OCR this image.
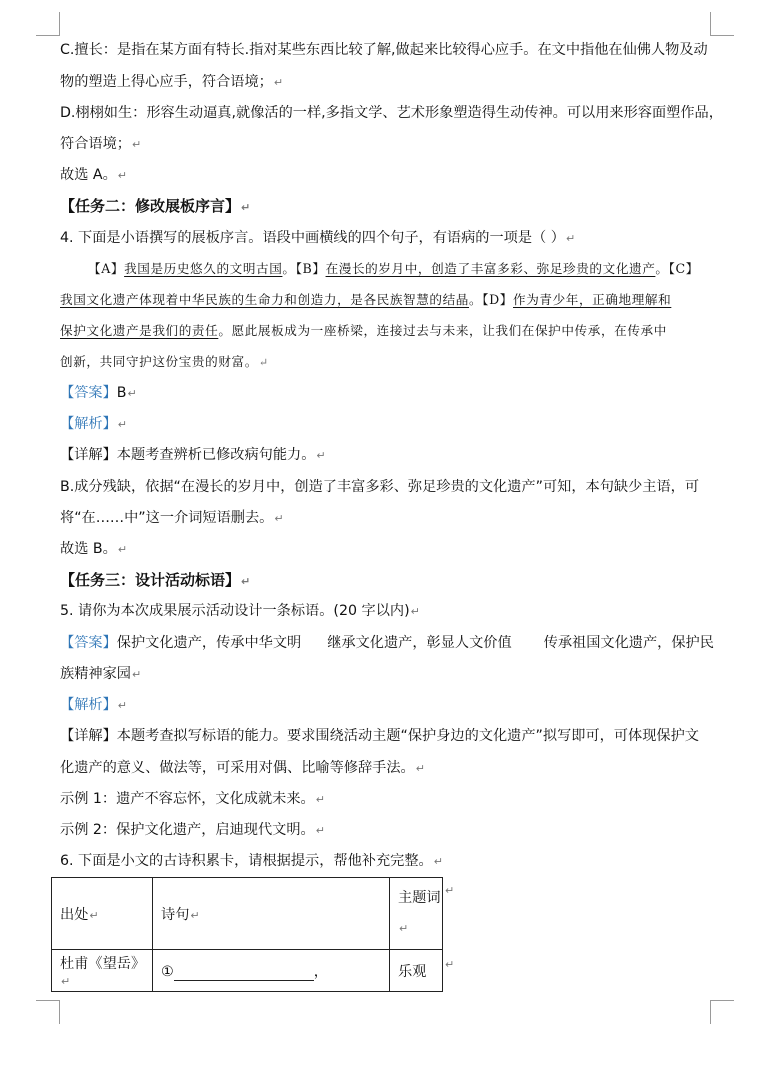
C.擅长：是指在某方面有特长.指对某些东西比较了解,做起来比较得心应手。在文中指他在仙佛人物及动
物的塑造上得心应手，符合语境；↵
D.栩栩如生：形容生动逼真,就像活的一样,多指文学、艺术形象塑造得生动传神。可以用来形容面塑作品，
符合语境；↵
故选 A。↵
【任务二：修改展板序言】↵
4. 下面是小语撰写的展板序言。语段中画横线的四个句子，有语病的一项是（ ）↵
【A】我国是历史悠久的文明古国。【B】在漫长的岁月中，创造了丰富多彩、弥足珍贵的文化遗产。【C】
我国文化遗产体现着中华民族的生命力和创造力，是各民族智慧的结晶。【D】作为青少年，正确地理解和
保护文化遗产是我们的责任。愿此展板成为一座桥梁，连接过去与未来，让我们在保护中传承，在传承中
创新，共同守护这份宝贵的财富。↵
【答案】B↵
【解析】↵
【详解】本题考查辨析已修改病句能力。↵
B.成分残缺，依据“在漫长的岁月中，创造了丰富多彩、弥足珍贵的文化遗产”可知，本句缺少主语，可
将“在……中”这一介词短语删去。↵
故选 B。↵
【任务三：设计活动标语】↵
5. 请你为本次成果展示活动设计一条标语。(20 字以内)↵
【答案】保护文化遗产，传承中华文明 继承文化遗产，彰显人文价值 传承祖国文化遗产，保护民
族精神家园↵
【解析】↵
【详解】本题考查拟写标语的能力。要求围绕活动主题“保护身边的文化遗产”拟写即可，可体现保护文
化遗产的意义、做法等，可采用对偶、比喻等修辞手法。↵
示例 1：遗产不容忘怀，文化成就未来。↵
示例 2：保护文化遗产，启迪现代文明。↵
6. 下面是小文的古诗积累卡，请根据提示，帮他补充完整。↵
出处↵	诗句↵	主题词↵
杜甫《望岳》↵	① ，	乐观
↵
↵
